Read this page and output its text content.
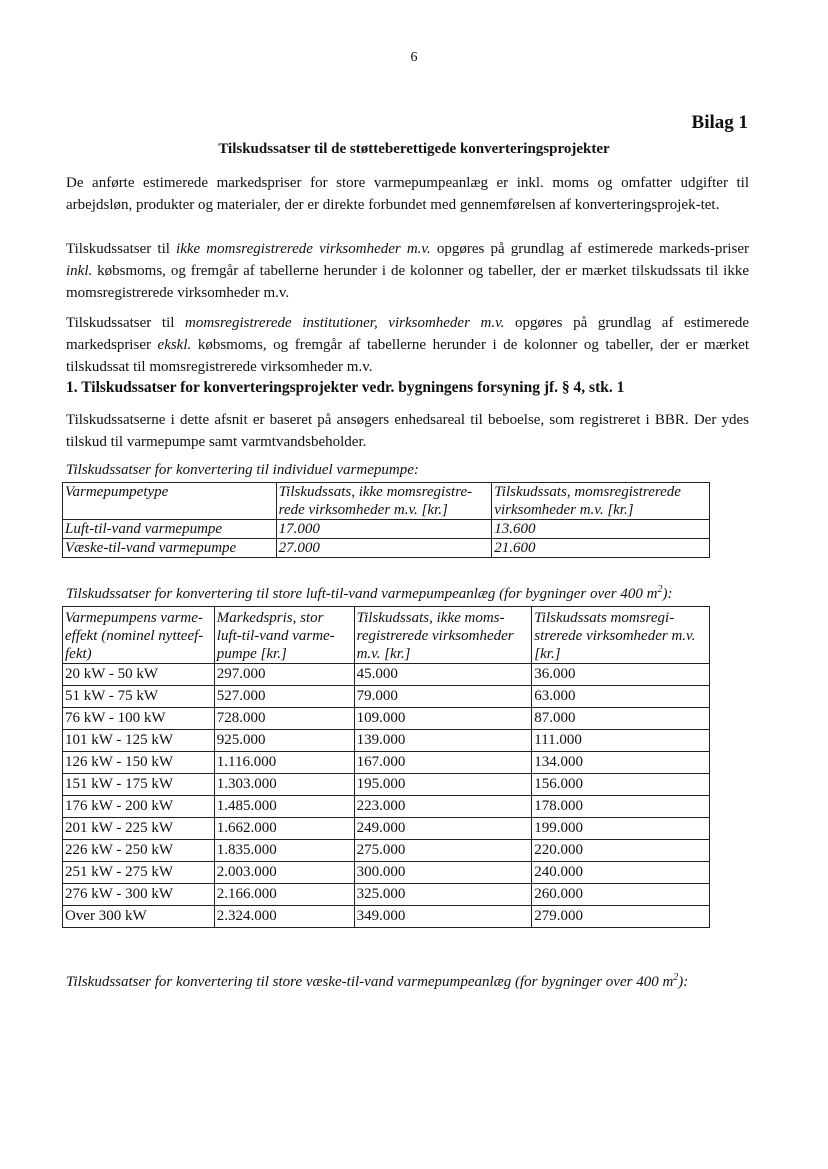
6
Bilag 1
Tilskudssatser til de støtteberettigede konverteringsprojekter
De anførte estimerede markedspriser for store varmepumpeanlæg er inkl. moms og omfatter udgifter til arbejdsløn, produkter og materialer, der er direkte forbundet med gennemførelsen af konverteringsprojek-tet.
Tilskudssatser til ikke momsregistrerede virksomheder m.v. opgøres på grundlag af estimerede markeds-priser inkl. købsmoms, og fremgår af tabellerne herunder i de kolonner og tabeller, der er mærket tilskudssats til ikke momsregistrerede virksomheder m.v.
Tilskudssatser til momsregistrerede institutioner, virksomheder m.v. opgøres på grundlag af estimerede markedspriser ekskl. købsmoms, og fremgår af tabellerne herunder i de kolonner og tabeller, der er mærket tilskudssat til momsregistrerede virksomheder m.v.
1. Tilskudssatser for konverteringsprojekter vedr. bygningens forsyning jf. § 4, stk. 1
Tilskudssatserne i dette afsnit er baseret på ansøgers enhedsareal til beboelse, som registreret i BBR. Der ydes tilskud til varmepumpe samt varmtvandsbeholder.
Tilskudssatser for konvertering til individuel varmepumpe:
Varmepumpetype	Tilskudssats, ikke momsregistre-rede virksomheder m.v. [kr.]	Tilskudssats, momsregistrerede virksomheder m.v. [kr.]
Luft-til-vand varmepumpe	17.000	13.600
Væske-til-vand varmepumpe	27.000	21.600
Tilskudssatser for konvertering til store luft-til-vand varmepumpeanlæg (for bygninger over 400 $m^2$):
Varmepumpens varme-effekt (nominel nytteef-fekt)	Markedspris, stor luft-til-vand varme-pumpe [kr.]	Tilskudssats, ikke moms-registrerede virksomheder m.v. [kr.]	Tilskudssats momsregi-strerede virksomheder m.v. [kr.]
20 kW - 50 kW	297.000	45.000	36.000
51 kW - 75 kW	527.000	79.000	63.000
76 kW - 100 kW	728.000	109.000	87.000
101 kW - 125 kW	925.000	139.000	111.000
126 kW - 150 kW	1.116.000	167.000	134.000
151 kW - 175 kW	1.303.000	195.000	156.000
176 kW - 200 kW	1.485.000	223.000	178.000
201 kW - 225 kW	1.662.000	249.000	199.000
226 kW - 250 kW	1.835.000	275.000	220.000
251 kW - 275 kW	2.003.000	300.000	240.000
276 kW - 300 kW	2.166.000	325.000	260.000
Over 300 kW	2.324.000	349.000	279.000
Tilskudssatser for konvertering til store væske-til-vand varmepumpeanlæg (for bygninger over 400 $m^2$):
